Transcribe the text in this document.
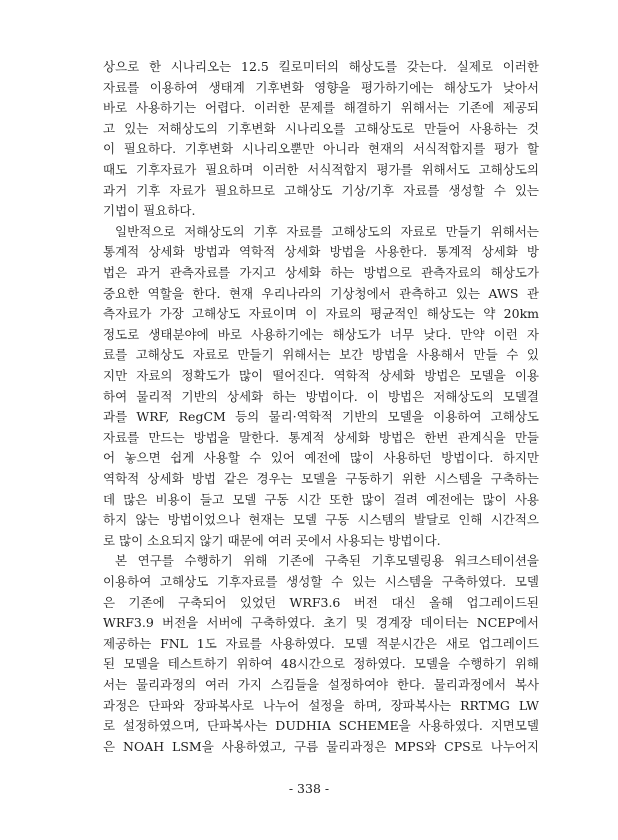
상으로 한 시나리오는 12.5 킬로미터의 해상도를 갖는다. 실제로 이러한
자료를 이용하여 생태계 기후변화 영향을 평가하기에는 해상도가 낮아서
바로 사용하기는 어렵다. 이러한 문제를 해결하기 위해서는 기존에 제공되
고 있는 저해상도의 기후변화 시나리오를 고해상도로 만들어 사용하는 것
이 필요하다. 기후변화 시나리오뿐만 아니라 현재의 서식적합지를 평가 할
때도 기후자료가 필요하며 이러한 서식적합지 평가를 위해서도 고해상도의
과거 기후 자료가 필요하므로 고해상도 기상/기후 자료를 생성할 수 있는
기법이 필요하다.
일반적으로 저해상도의 기후 자료를 고해상도의 자료로 만들기 위해서는
통계적 상세화 방법과 역학적 상세화 방법을 사용한다. 통계적 상세화 방
법은 과거 관측자료를 가지고 상세화 하는 방법으로 관측자료의 해상도가
중요한 역할을 한다. 현재 우리나라의 기상청에서 관측하고 있는 AWS 관
측자료가 가장 고해상도 자료이며 이 자료의 평균적인 해상도는 약 20km
정도로 생태분야에 바로 사용하기에는 해상도가 너무 낮다. 만약 이런 자
료를 고해상도 자료로 만들기 위해서는 보간 방법을 사용해서 만들 수 있
지만 자료의 정확도가 많이 떨어진다. 역학적 상세화 방법은 모델을 이용
하여 물리적 기반의 상세화 하는 방법이다. 이 방법은 저해상도의 모델결
과를 WRF, RegCM 등의 물리·역학적 기반의 모델을 이용하여 고해상도
자료를 만드는 방법을 말한다. 통계적 상세화 방법은 한번 관계식을 만들
어 놓으면 쉽게 사용할 수 있어 예전에 많이 사용하던 방법이다. 하지만
역학적 상세화 방법 같은 경우는 모델을 구동하기 위한 시스템을 구축하는
데 많은 비용이 들고 모델 구동 시간 또한 많이 걸려 예전에는 많이 사용
하지 않는 방법이었으나 현재는 모델 구동 시스템의 발달로 인해 시간적으
로 많이 소요되지 않기 때문에 여러 곳에서 사용되는 방법이다.
본 연구를 수행하기 위해 기존에 구축된 기후모델링용 워크스테이션을
이용하여 고해상도 기후자료를 생성할 수 있는 시스템을 구축하였다. 모델
은 기존에 구축되어 있었던 WRF3.6 버전 대신 올해 업그레이드된
WRF3.9 버전을 서버에 구축하였다. 초기 및 경계장 데이터는 NCEP에서
제공하는 FNL 1도 자료를 사용하였다. 모델 적분시간은 새로 업그레이드
된 모델을 테스트하기 위하여 48시간으로 정하였다. 모델을 수행하기 위해
서는 물리과정의 여러 가지 스킴들을 설정하여야 한다. 물리과정에서 복사
과정은 단파와 장파복사로 나누어 설정을 하며, 장파복사는 RRTMG LW
로 설정하였으며, 단파복사는 DUDHIA SCHEME을 사용하였다. 지면모델
은 NOAH LSM을 사용하였고, 구름 물리과정은 MPS와 CPS로 나누어지
- 338 -
